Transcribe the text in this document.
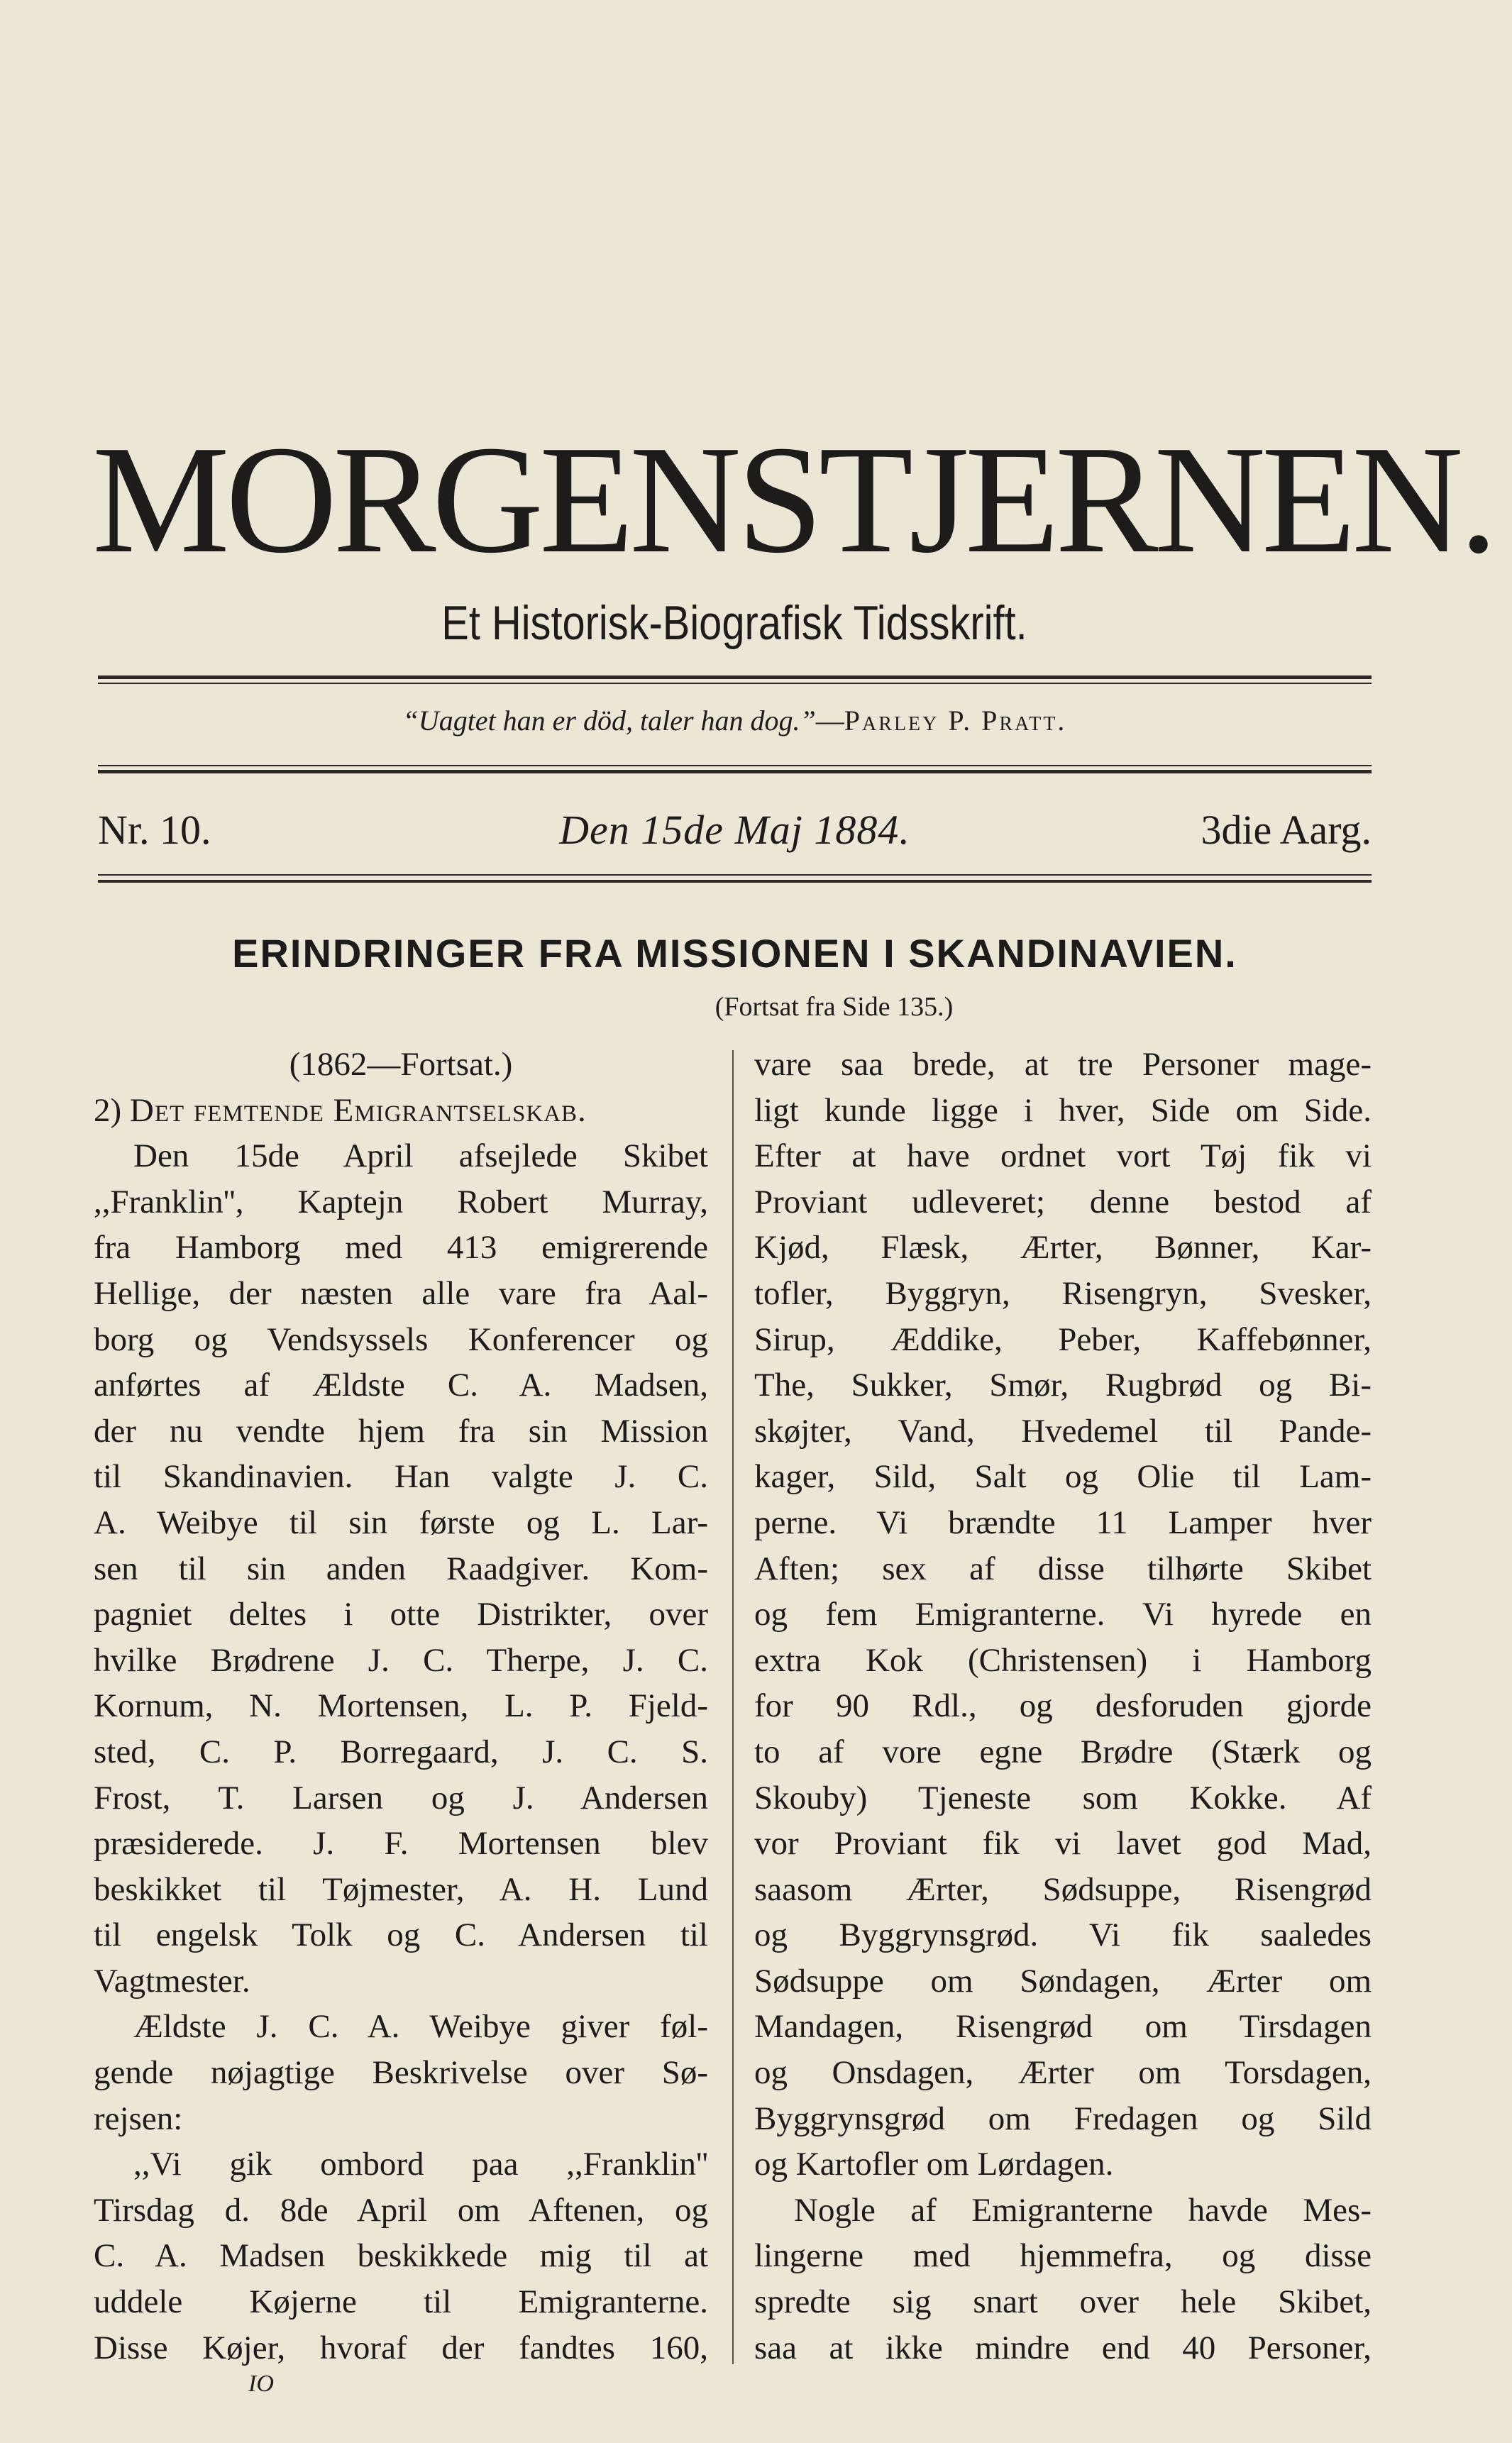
MORGENSTJERNEN.
Et Historisk-Biografisk Tidsskrift.
“Uagtet han er död, taler han dog.”—Parley P. Pratt.
Nr. 10.	Den 15de Maj 1884.	3die Aarg.
ERINDRINGER FRA MISSIONEN I SKANDINAVIEN.
(Fortsat fra Side 135.)

(1862—Fortsat.)

2) Det femtende Emigrantselskab.

Den 15de April afsejlede Skibet

,,Franklin'', Kaptejn Robert Murray,

fra Hamborg med 413 emigrerende

Hellige, der næsten alle vare fra Aal-

borg og Vendsyssels Konferencer og

anførtes af Ældste C. A. Madsen,

der nu vendte hjem fra sin Mission

til Skandinavien. Han valgte J. C.

A. Weibye til sin første og L. Lar-

sen til sin anden Raadgiver. Kom-

pagniet deltes i otte Distrikter, over

hvilke Brødrene J. C. Therpe, J. C.

Kornum, N. Mortensen, L. P. Fjeld-

sted, C. P. Borregaard, J. C. S.

Frost, T. Larsen og J. Andersen

præsiderede. J. F. Mortensen blev

beskikket til Tøjmester, A. H. Lund

til engelsk Tolk og C. Andersen til

Vagtmester.

Ældste J. C. A. Weibye giver føl-

gende nøjagtige Beskrivelse over Sø-

rejsen:

,,Vi gik ombord paa ,,Franklin''

Tirsdag d. 8de April om Aftenen, og

C. A. Madsen beskikkede mig til at

uddele Køjerne til Emigranterne.

Disse Køjer, hvoraf der fandtes 160,

vare saa brede, at tre Personer mage-

ligt kunde ligge i hver, Side om Side.

Efter at have ordnet vort Tøj fik vi

Proviant udleveret; denne bestod af

Kjød, Flæsk, Ærter, Bønner, Kar-

tofler, Byggryn, Risengryn, Svesker,

Sirup, Æddike, Peber, Kaffebønner,

The, Sukker, Smør, Rugbrød og Bi-

skøjter, Vand, Hvedemel til Pande-

kager, Sild, Salt og Olie til Lam-

perne. Vi brændte 11 Lamper hver

Aften; sex af disse tilhørte Skibet

og fem Emigranterne. Vi hyrede en

extra Kok (Christensen) i Hamborg

for 90 Rdl., og desforuden gjorde

to af vore egne Brødre (Stærk og

Skouby) Tjeneste som Kokke. Af

vor Proviant fik vi lavet god Mad,

saasom Ærter, Sødsuppe, Risengrød

og Byggrynsgrød. Vi fik saaledes

Sødsuppe om Søndagen, Ærter om

Mandagen, Risengrød om Tirsdagen

og Onsdagen, Ærter om Torsdagen,

Byggrynsgrød om Fredagen og Sild

og Kartofler om Lørdagen.

Nogle af Emigranterne havde Mes-

lingerne med hjemmefra, og disse

spredte sig snart over hele Skibet,

saa at ikke mindre end 40 Personer,

IO
